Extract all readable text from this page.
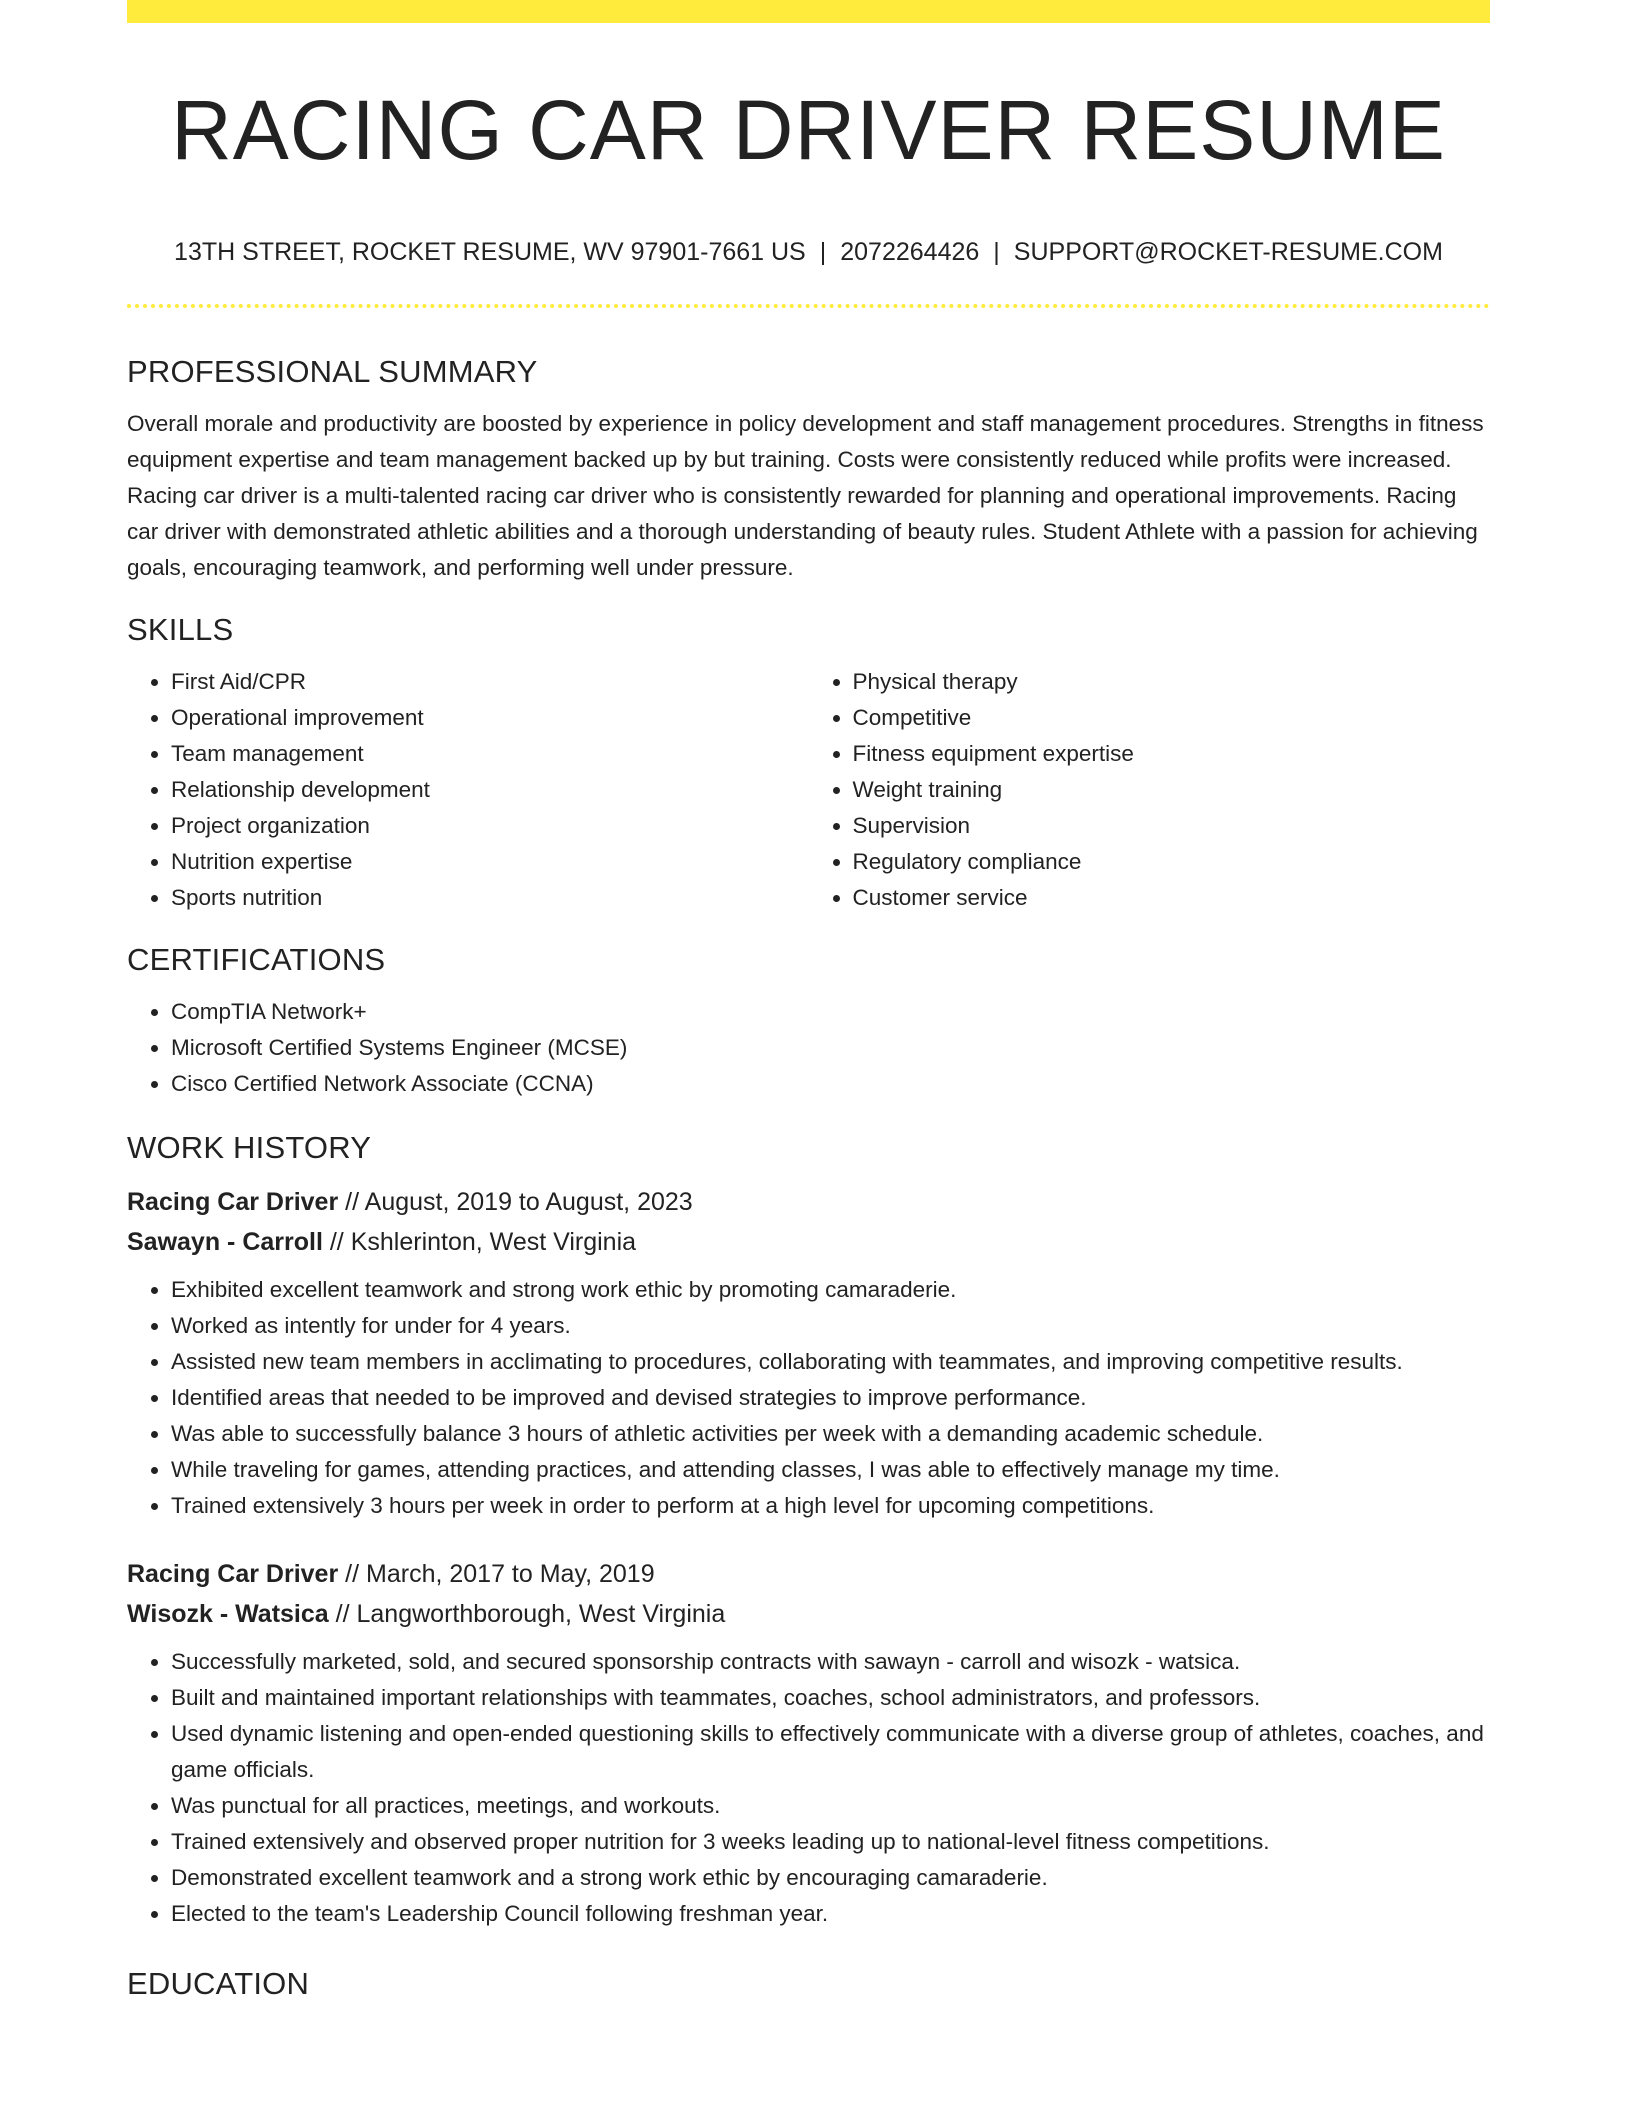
RACING CAR DRIVER RESUME
13TH STREET, ROCKET RESUME, WV 97901-7661 US | 2072264426 | SUPPORT@ROCKET-RESUME.COM
PROFESSIONAL SUMMARY

Overall morale and productivity are boosted by experience in policy development and staff management procedures. Strengths in fitness equipment expertise and team management backed up by but training. Costs were consistently reduced while profits were increased. Racing car driver is a multi-talented racing car driver who is consistently rewarded for planning and operational improvements. Racing car driver with demonstrated athletic abilities and a thorough understanding of beauty rules. Student Athlete with a passion for achieving goals, encouraging teamwork, and performing well under pressure.

SKILLS
• First Aid/CPR
• Operational improvement
• Team management
• Relationship development
• Project organization
• Nutrition expertise
• Sports nutrition
• Physical therapy
• Competitive
• Fitness equipment expertise
• Weight training
• Supervision
• Regulatory compliance
• Customer service
CERTIFICATIONS
• CompTIA Network+
• Microsoft Certified Systems Engineer (MCSE)
• Cisco Certified Network Associate (CCNA)
WORK HISTORY
Racing Car Driver // August, 2019 to August, 2023
Sawayn - Carroll // Kshlerinton, West Virginia
• Exhibited excellent teamwork and strong work ethic by promoting camaraderie.
• Worked as intently for under for 4 years.
• Assisted new team members in acclimating to procedures, collaborating with teammates, and improving competitive results.
• Identified areas that needed to be improved and devised strategies to improve performance.
• Was able to successfully balance 3 hours of athletic activities per week with a demanding academic schedule.
• While traveling for games, attending practices, and attending classes, I was able to effectively manage my time.
• Trained extensively 3 hours per week in order to perform at a high level for upcoming competitions.
Racing Car Driver // March, 2017 to May, 2019
Wisozk - Watsica // Langworthborough, West Virginia
• Successfully marketed, sold, and secured sponsorship contracts with sawayn - carroll and wisozk - watsica.
• Built and maintained important relationships with teammates, coaches, school administrators, and professors.
• Used dynamic listening and open-ended questioning skills to effectively communicate with a diverse group of athletes, coaches, and game officials.
• Was punctual for all practices, meetings, and workouts.
• Trained extensively and observed proper nutrition for 3 weeks leading up to national-level fitness competitions.
• Demonstrated excellent teamwork and a strong work ethic by encouraging camaraderie.
• Elected to the team's Leadership Council following freshman year.
EDUCATION
